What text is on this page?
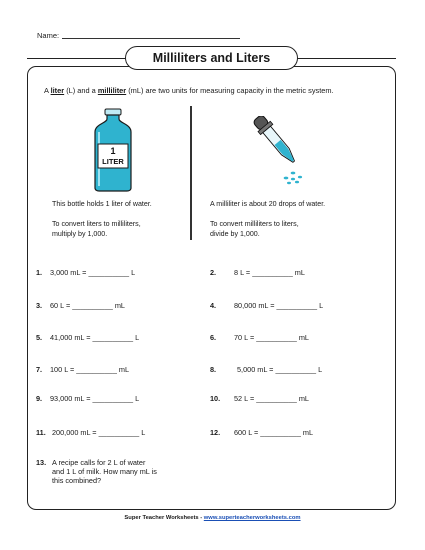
Name:
Milliliters and Liters
A liter (L) and a milliliter (mL) are two units for measuring capacity in the metric system.
1
LITER
This bottle holds 1 liter of water.
To convert liters to milliliters,
multiply by 1,000.
A milliliter is about 20 drops of water.
To convert milliliters to liters,
divide by 1,000.
1. 3,000 mL = __________ L	2. 8 L = __________ mL
3. 60 L = __________ mL	4. 80,000 mL = __________ L
5. 41,000 mL = __________ L	6. 70 L = __________ mL
7. 100 L = __________ mL	8.	5,000 mL = __________ L
9. 93,000 mL = __________ L	10. 52 L = __________ mL
11. 200,000 mL = __________ L	12. 600 L = __________ mL
13. A recipe calls for 2 L of water
and 1 L of milk. How many mL is
this combined?
Super Teacher Worksheets - www.superteacherworksheets.com
